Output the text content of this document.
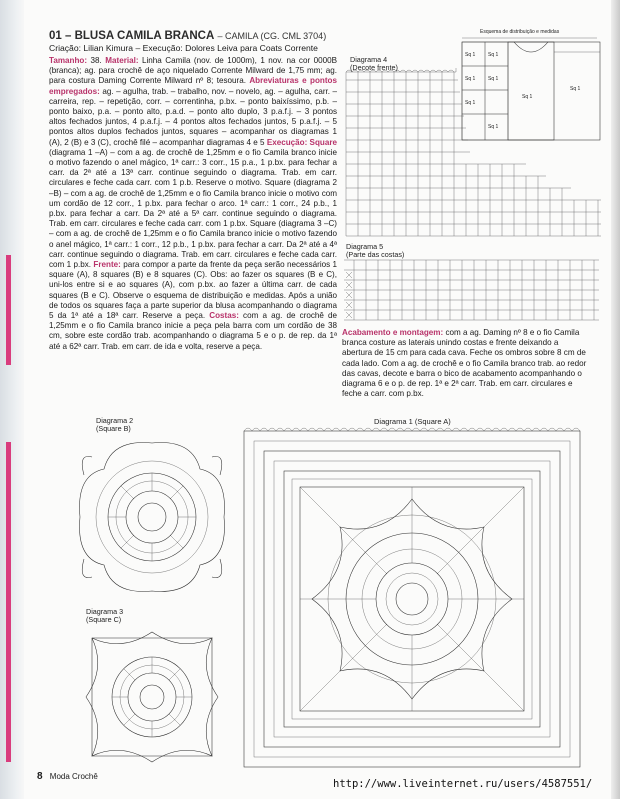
01 – BLUSA CAMILA BRANCA – CAMILA (CG. CML 3704)
Criação: Lilian Kimura – Execução: Dolores Leiva para Coats Corrente

Tamanho: 38. Material: Linha Camila (nov. de 1000m), 1 nov. na cor 0000B (branca); ag. para crochê de aço niquelado Corrente Milward de 1,75 mm; ag. para costura Daming Corrente Milward nº 8; tesoura. Abreviaturas e pontos empregados: ag. – agulha, trab. – trabalho, nov. – novelo, ag. – agulha, carr. – carreira, rep. – repetição, corr. – correntinha, p.bx. – ponto baixíssimo, p.b. – ponto baixo, p.a. – ponto alto, p.a.d. – ponto alto duplo, 3 p.a.f.j. – 3 pontos altos fechados juntos, 4 p.a.f.j. – 4 pontos altos fechados juntos, 5 p.a.f.j. – 5 pontos altos duplos fechados juntos, squares – acompanhar os diagramas 1 (A), 2 (B) e 3 (C), crochê filé – acompanhar diagramas 4 e 5 Execução: Square (diagrama 1 –A) – com a ag. de crochê de 1,25mm e o fio Camila branco inicie o motivo fazendo o anel mágico, 1ª carr.: 3 corr., 15 p.a., 1 p.bx. para fechar a carr. da 2ª até a 13ª carr. continue seguindo o diagrama. Trab. em carr. circulares e feche cada carr. com 1 p.b. Reserve o motivo. Square (diagrama 2 –B) – com a ag. de crochê de 1,25mm e o fio Camila branco inicie o motivo com um cordão de 12 corr., 1 p.bx. para fechar o arco. 1ª carr.: 1 corr., 24 p.b., 1 p.bx. para fechar a carr. Da 2ª até a 5ª carr. continue seguindo o diagrama. Trab. em carr. circulares e feche cada carr. com 1 p.bx. Square (diagrama 3 –C) – com a ag. de crochê de 1,25mm e o fio Camila branco inicie o motivo fazendo o anel mágico, 1ª carr.: 1 corr., 12 p.b., 1 p.bx. para fechar a carr. Da 2ª até a 4ª carr. continue seguindo o diagrama. Trab. em carr. circulares e feche cada carr. com 1 p.bx. Frente: para compor a parte da frente da peça serão necessários 1 square (A), 8 squares (B) e 8 squares (C). Obs: ao fazer os squares (B e C), uni-los entre si e ao squares (A), com p.bx. ao fazer a última carr. de cada squares (B e C). Observe o esquema de distribuição e medidas. Após a união de todos os squares faça a parte superior da blusa acompanhando o diagrama 5 da 1ª até a 18ª carr. Reserve a peça. Costas: com a ag. de crochê de 1,25mm e o fio Camila branco inicie a peça pela barra com um cordão de 38 cm, sobre este cordão trab. acompanhando o diagrama 5 e o p. de rep. da 1ª até a 62ª carr. Trab. em carr. de ida e volta, reserve a peça.

Esquema de distribuição e medidas
Sq 1
Sq 1
Sq 1
Sq 1
Sq 1
Sq 1
Sq 1
Sq 1
Diagrama 4
(Decote frente)
Diagrama 5
(Parte das costas)
Acabamento e montagem: com a ag. Daming nº 8 e o fio Camila branca costure as laterais unindo costas e frente deixando a abertura de 15 cm para cada cava. Feche os ombros sobre 8 cm de cada lado. Com a ag. de crochê e o fio Camila branco trab. ao redor das cavas, decote e barra o bico de acabamento acompanhando o diagrama 6 e o p. de rep. 1ª e 2ª carr. Trab. em carr. circulares e feche a carr. com p.bx.
Diagrama 2
(Square B)
Diagrama 3
(Square C)
Diagrama 1 (Square A)
8 Moda Crochê
http://www.liveinternet.ru/users/4587551/
